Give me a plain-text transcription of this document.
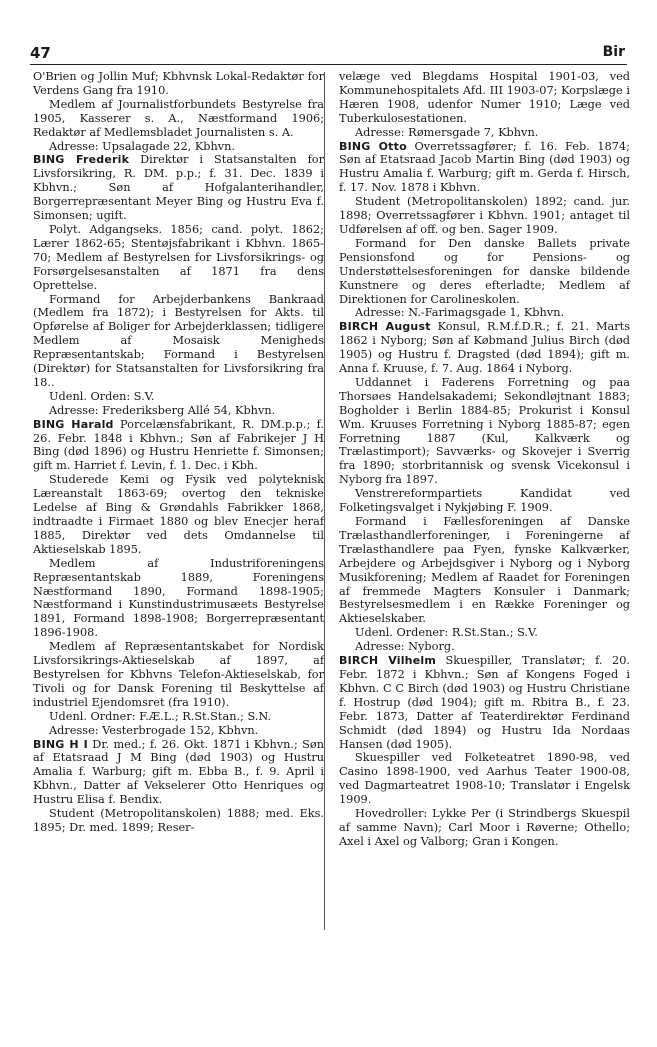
47	Bir

O'Brien og Jollin Muf; Kbhvnsk Lokal-Redaktør for Verdens Gang fra 1910.

Medlem af Journalistforbundets Bestyrelse fra 1905, Kasserer s. A., Næstformand 1906; Redaktør af Medlemsbladet Journalisten s. A.

Adresse: Upsalagade 22, Kbhvn.

BING Frederik Direktør i Statsanstalten for Livsforsikring, R. DM. p.p.; f. 31. Dec. 1839 i Kbhvn.; Søn af Hofgalanterihandler, Borgerrepræsentant Meyer Bing og Hustru Eva f. Simonsen; ugift.

Polyt. Adgangseks. 1856; cand. polyt. 1862; Lærer 1862-65; Stentøjsfabrikant i Kbhvn. 1865-70; Medlem af Bestyrelsen for Livsforsikrings- og Forsørgelsesanstalten af 1871 fra dens Oprettelse.

Formand for Arbejderbankens Bankraad (Medlem fra 1872); i Bestyrelsen for Akts. til Opførelse af Boliger for Arbejderklassen; tidligere Medlem af Mosaisk Menigheds Repræsentantskab; Formand i Bestyrelsen (Direktør) for Statsanstalten for Livsforsikring fra 18..

Udenl. Orden: S.V.

Adresse: Frederiksberg Allé 54, Kbhvn.

BING Harald Porcelænsfabrikant, R. DM.p.p.; f. 26. Febr. 1848 i Kbhvn.; Søn af Fabrikejer J H Bing (død 1896) og Hustru Henriette f. Simonsen; gift m. Harriet f. Levin, f. 1. Dec. i Kbh.

Studerede Kemi og Fysik ved polyteknisk Læreanstalt 1863-69; overtog den tekniske Ledelse af Bing & Grøndahls Fabrikker 1868, indtraadte i Firmaet 1880 og blev Enecjer heraf 1885, Direktør ved dets Omdannelse til Aktieselskab 1895.

Medlem af Industriforeningens Repræsentantskab 1889, Foreningens Næstformand 1890, Formand 1898-1905; Næstformand i Kunstindustrimusæets Bestyrelse 1891, Formand 1898-1908; Borgerrepræsentant 1896-1908.

Medlem af Repræsentantskabet for Nordisk Livsforsikrings-Aktieselskab af 1897, af Bestyrelsen for Kbhvns Telefon-Aktieselskab, for Tivoli og for Dansk Forening til Beskyttelse af industriel Ejendomsret (fra 1910).

Udenl. Ordner: F.Æ.L.; R.St.Stan.; S.N.

Adresse: Vesterbrogade 152, Kbhvn.

BING H I Dr. med.; f. 26. Okt. 1871 i Kbhvn.; Søn af Etatsraad J M Bing (død 1903) og Hustru Amalia f. Warburg; gift m. Ebba B., f. 9. April i Kbhvn., Datter af Vekselerer Otto Henriques og Hustru Elisa f. Bendix.

Student (Metropolitanskolen) 1888; med. Eks. 1895; Dr. med. 1899; Reser-

velæge ved Blegdams Hospital 1901-03, ved Kommunehospitalets Afd. III 1903-07; Korpslæge i Hæren 1908, udenfor Numer 1910; Læge ved Tuberkulosestationen.

Adresse: Rømersgade 7, Kbhvn.

BING Otto Overretssagfører; f. 16. Feb. 1874; Søn af Etatsraad Jacob Martin Bing (død 1903) og Hustru Amalia f. Warburg; gift m. Gerda f. Hirsch, f. 17. Nov. 1878 i Kbhvn.

Student (Metropolitanskolen) 1892; cand. jur. 1898; Overretssagfører i Kbhvn. 1901; antaget til Udførelsen af off. og ben. Sager 1909.

Formand for Den danske Ballets private Pensionsfond og for Pensions- og Understøttelsesforeningen for danske bildende Kunstnere og deres efterladte; Medlem af Direktionen for Carolineskolen.

Adresse: N.-Farimagsgade 1, Kbhvn.

BIRCH August Konsul, R.M.f.D.R.; f. 21. Marts 1862 i Nyborg; Søn af Købmand Julius Birch (død 1905) og Hustru f. Dragsted (død 1894); gift m. Anna f. Kruuse, f. 7. Aug. 1864 i Nyborg.

Uddannet i Faderens Forretning og paa Thorsøes Handelsakademi; Sekondløjtnant 1883; Bogholder i Berlin 1884-85; Prokurist i Konsul Wm. Kruuses Forretning i Nyborg 1885-87; egen Forretning 1887 (Kul, Kalkværk og Trælastimport); Savværks- og Skovejer i Sverrig fra 1890; storbritannisk og svensk Vicekonsul i Nyborg fra 1897.

Venstrereformpartiets Kandidat ved Folketingsvalget i Nykjøbing F. 1909.

Formand i Fællesforeningen af Danske Trælasthandlerforeninger, i Foreningerne af Trælasthandlere paa Fyen, fynske Kalkværker, Arbejdere og Arbejdsgiver i Nyborg og i Nyborg Musikforening; Medlem af Raadet for Foreningen af fremmede Magters Konsuler i Danmark; Bestyrelsesmedlem i en Række Foreninger og Aktieselskaber.

Udenl. Ordener: R.St.Stan.; S.V.

Adresse: Nyborg.

BIRCH Vilhelm Skuespiller, Translatør; f. 20. Febr. 1872 i Kbhvn.; Søn af Kongens Foged i Kbhvn. C C Birch (død 1903) og Hustru Christiane f. Hostrup (død 1904); gift m. Rbitra B., f. 23. Febr. 1873, Datter af Teaterdirektør Ferdinand Schmidt (død 1894) og Hustru Ida Nordaas Hansen (død 1905).

Skuespiller ved Folketeatret 1890-98, ved Casino 1898-1900, ved Aarhus Teater 1900-08, ved Dagmarteatret 1908-10; Translatør i Engelsk 1909.

Hovedroller: Lykke Per (i Strindbergs Skuespil af samme Navn); Carl Moor i Røverne; Othello; Axel i Axel og Valborg; Gran i Kongen.
